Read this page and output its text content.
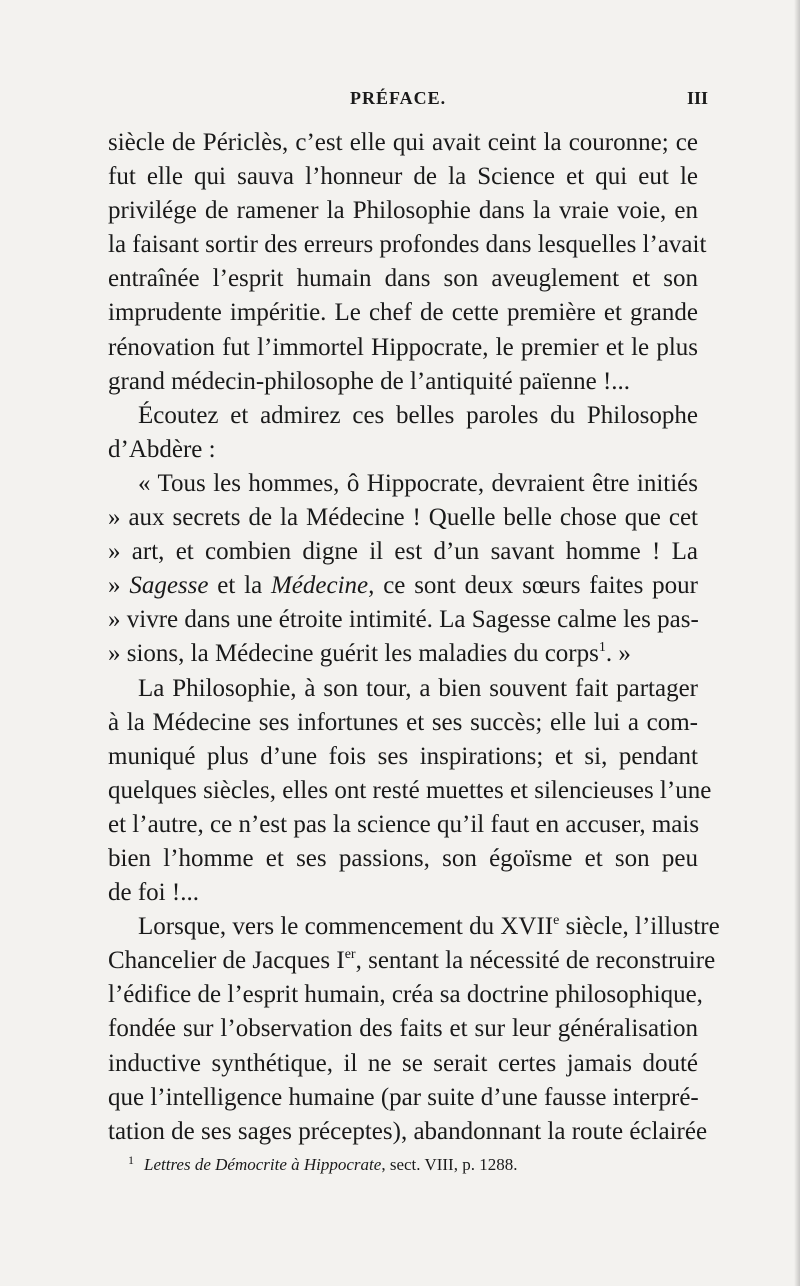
PRÉFACE.	III
siècle de Périclès, c’est elle qui avait ceint la couronne; ce
fut elle qui sauva l’honneur de la Science et qui eut le
privilége de ramener la Philosophie dans la vraie voie, en
la faisant sortir des erreurs profondes dans lesquelles l’avait
entraînée l’esprit humain dans son aveuglement et son
imprudente impéritie. Le chef de cette première et grande
rénovation fut l’immortel Hippocrate, le premier et le plus
grand médecin-philosophe de l’antiquité païenne !...
Écoutez et admirez ces belles paroles du Philosophe
d’Abdère :
« Tous les hommes, ô Hippocrate, devraient être initiés
» aux secrets de la Médecine ! Quelle belle chose que cet
» art, et combien digne il est d’un savant homme ! La
» Sagesse et la Médecine, ce sont deux sœurs faites pour
» vivre dans une étroite intimité. La Sagesse calme les pas-
» sions, la Médecine guérit les maladies du corps$^1$. »
La Philosophie, à son tour, a bien souvent fait partager
à la Médecine ses infortunes et ses succès; elle lui a com-
muniqué plus d’une fois ses inspirations; et si, pendant
quelques siècles, elles ont resté muettes et silencieuses l’une
et l’autre, ce n’est pas la science qu’il faut en accuser, mais
bien l’homme et ses passions, son égoïsme et son peu
de foi !...
Lorsque, vers le commencement du XVIIe siècle, l’illustre
Chancelier de Jacques Ier, sentant la nécessité de reconstruire
l’édifice de l’esprit humain, créa sa doctrine philosophique,
fondée sur l’observation des faits et sur leur généralisation
inductive synthétique, il ne se serait certes jamais douté
que l’intelligence humaine (par suite d’une fausse interpré-
tation de ses sages préceptes), abandonnant la route éclairée
$^1$ Lettres de Démocrite à Hippocrate, sect. VIII, p. 1288.
